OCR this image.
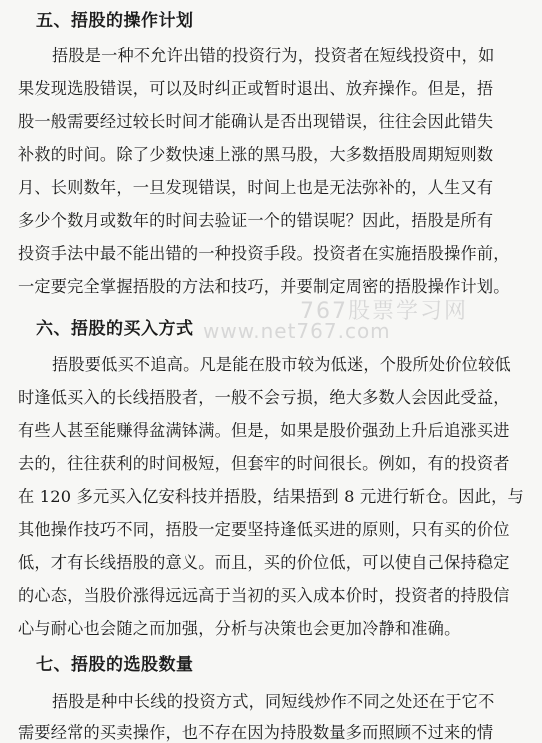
五、捂股的操作计划
捂股是一种不允许出错的投资行为，投资者在短线投资中，如
果发现选股错误，可以及时纠正或暂时退出、放弃操作。但是，捂
股一般需要经过较长时间才能确认是否出现错误，往往会因此错失
补救的时间。除了少数快速上涨的黑马股，大多数捂股周期短则数
月、长则数年，一旦发现错误，时间上也是无法弥补的，人生又有
多少个数月或数年的时间去验证一个的错误呢？因此，捂股是所有
投资手法中最不能出错的一种投资手段。投资者在实施捂股操作前，
一定要完全掌握捂股的方法和技巧，并要制定周密的捂股操作计划。
767股票学习网
www.net767.com
六、捂股的买入方式
捂股要低买不追高。凡是能在股市较为低迷，个股所处价位较低
时逢低买入的长线捂股者，一般不会亏损，绝大多数人会因此受益，
有些人甚至能赚得盆满钵满。但是，如果是股价强劲上升后追涨买进
去的，往往获利的时间极短，但套牢的时间很长。例如，有的投资者
在 120 多元买入亿安科技并捂股，结果捂到 8 元进行斩仓。因此，与
其他操作技巧不同，捂股一定要坚持逢低买进的原则，只有买的价位
低，才有长线捂股的意义。而且，买的价位低，可以使自己保持稳定
的心态，当股价涨得远远高于当初的买入成本价时，投资者的持股信
心与耐心也会随之而加强，分析与决策也会更加冷静和准确。
七、捂股的选股数量
捂股是种中长线的投资方式，同短线炒作不同之处还在于它不
需要经常的买卖操作，也不存在因为持股数量多而照顾不过来的情
